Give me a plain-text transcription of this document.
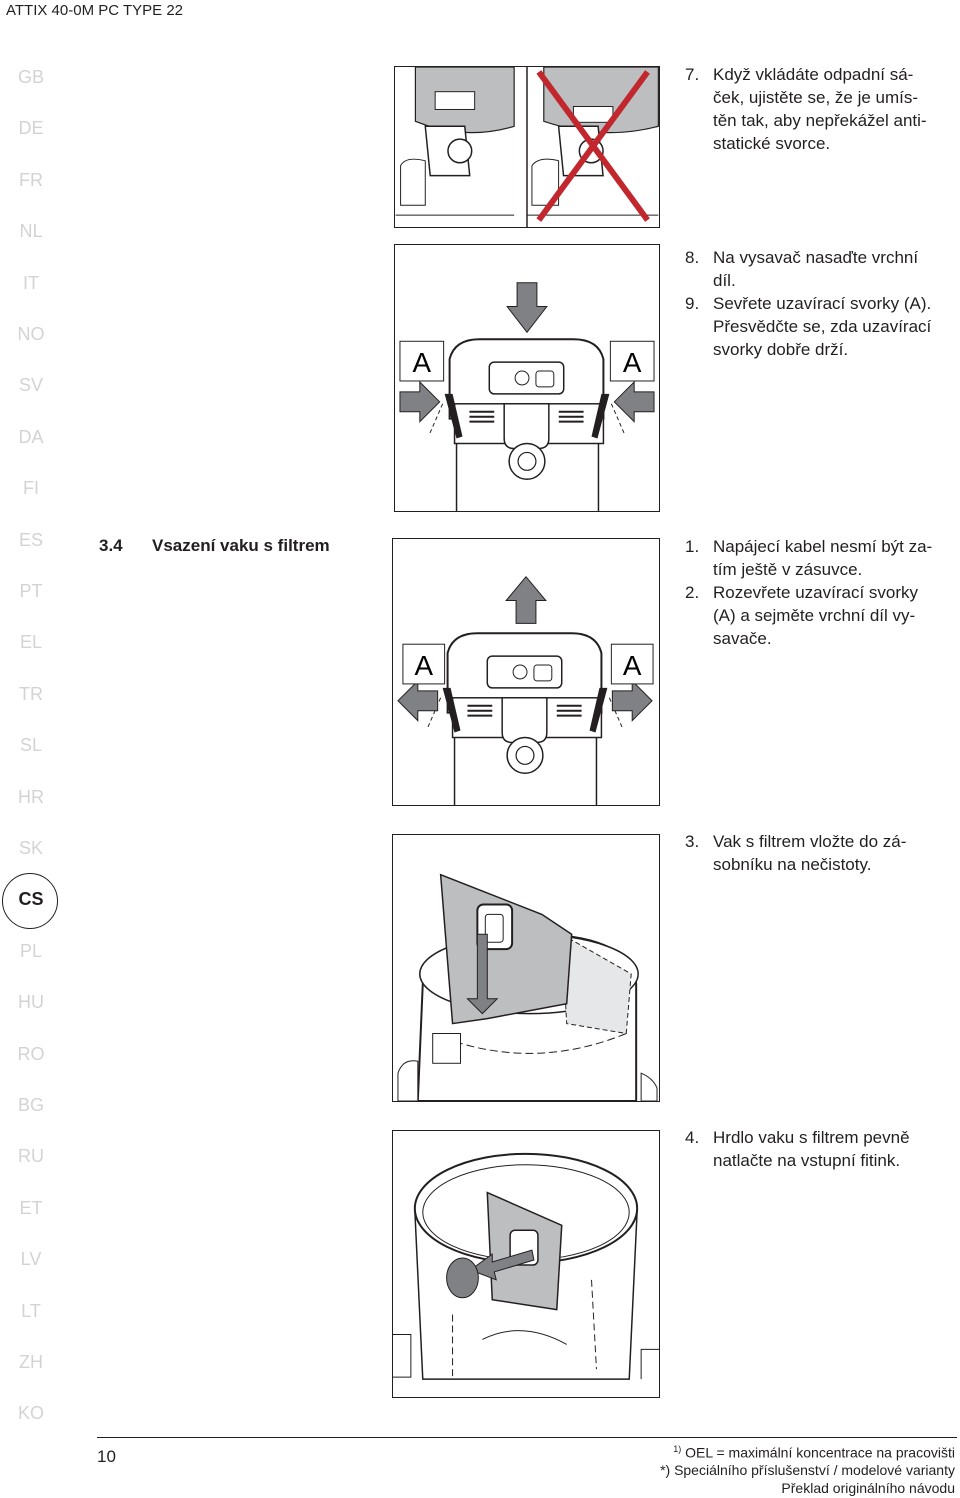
ATTIX 40-0M PC TYPE 22
GB
DE
FR
NL
IT
NO
SV
DA
FI
ES
PT
EL
TR
SL
HR
SK
CS
PL
HU
RO
BG
RU
ET
LV
LT
ZH
KO
A	A
A	A
3.4 Vsazení vaku s filtrem
7. Když vkládáte odpadní sá-
ček, ujistěte se, že je umís-
těn tak, aby nepřekážel anti-
statické svorce.
8. Na vysavač nasaďte vrchní
díl.
9. Sevřete uzavírací svorky (A).
Přesvědčte se, zda uzavírací
svorky dobře drží.
1. Napájecí kabel nesmí být za-
tím ještě v zásuvce.
2. Rozevřete uzavírací svorky
(A) a sejměte vrchní díl vy-
savače.
3. Vak s filtrem vložte do zá-
sobníku na nečistoty.
4. Hrdlo vaku s filtrem pevně
natlačte na vstupní fitink.
10	$^{1)}$ OEL = maximální koncentrace na pracovišti
*) Speciálního příslušenství / modelové varianty
Překlad originálního návodu
